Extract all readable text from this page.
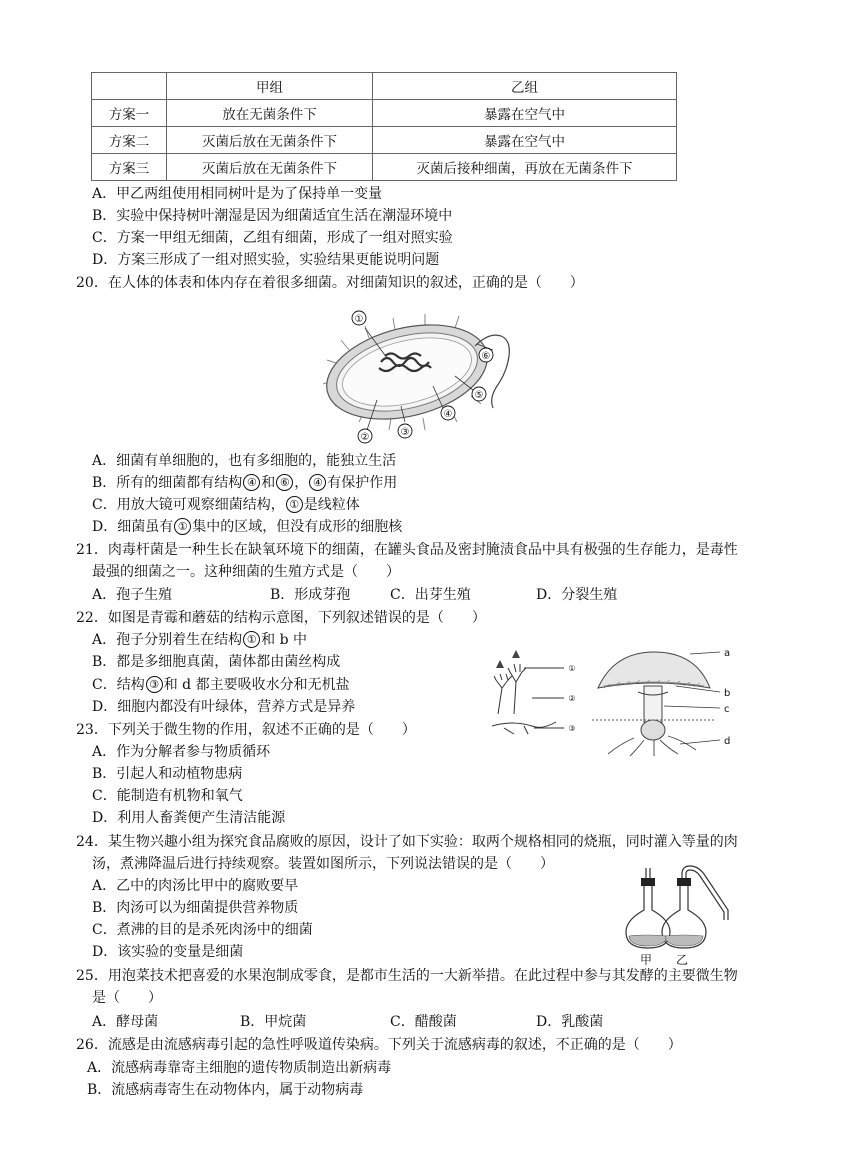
	甲组	乙组
方案一	放在无菌条件下	暴露在空气中
方案二	灭菌后放在无菌条件下	暴露在空气中
方案三	灭菌后放在无菌条件下	灭菌后接种细菌，再放在无菌条件下
A．甲乙两组使用相同树叶是为了保持单一变量
B．实验中保持树叶潮湿是因为细菌适宜生活在潮湿环境中
C．方案一甲组无细菌，乙组有细菌，形成了一组对照实验
D．方案三形成了一组对照实验，实验结果更能说明问题
20．在人体的体表和体内存在着很多细菌。对细菌知识的叙述，正确的是（　　）
①
②	③
④
⑤
⑥
A．细菌有单细胞的，也有多细胞的，能独立生活
B．所有的细菌都有结构 ④ 和 ⑥ ， ④ 有保护作用
C．用放大镜可观察细菌结构， ① 是线粒体
D．细菌虽有 ① 集中的区域，但没有成形的细胞核
21．肉毒杆菌是一种生长在缺氧环境下的细菌，在罐头食品及密封腌渍食品中具有极强的生存能力，是毒性
最强的细菌之一。这种细菌的生殖方式是（　　）
A．孢子生殖	B．形成芽孢	C．出芽生殖	D．分裂生殖
22．如图是青霉和蘑菇的结构示意图，下列叙述错误的是（　　）
A．孢子分别着生在结构 ① 和 b 中
B．都是多细胞真菌，菌体都由菌丝构成
C．结构 ③ 和 d 都主要吸收水分和无机盐
D．细胞内都没有叶绿体，营养方式是异养
①
②
③
a
b
c
d
23．下列关于微生物的作用，叙述不正确的是（　　）
A．作为分解者参与物质循环
B．引起人和动植物患病
C．能制造有机物和氧气
D．利用人畜粪便产生清洁能源
24．某生物兴趣小组为探究食品腐败的原因，设计了如下实验：取两个规格相同的烧瓶，同时灌入等量的肉
汤，煮沸降温后进行持续观察。装置如图所示，下列说法错误的是（　　）
A．乙中的肉汤比甲中的腐败要早
B．肉汤可以为细菌提供营养物质
C．煮沸的目的是杀死肉汤中的细菌
D．该实验的变量是细菌	甲 乙
25．用泡菜技术把喜爱的水果泡制成零食，是都市生活的一大新举措。在此过程中参与其发酵的主要微生物
是（　　）
A．酵母菌	B．甲烷菌	C．醋酸菌	D．乳酸菌
26．流感是由流感病毒引起的急性呼吸道传染病。下列关于流感病毒的叙述，不正确的是（　　）
A．流感病毒靠寄主细胞的遗传物质制造出新病毒
B．流感病毒寄生在动物体内，属于动物病毒
